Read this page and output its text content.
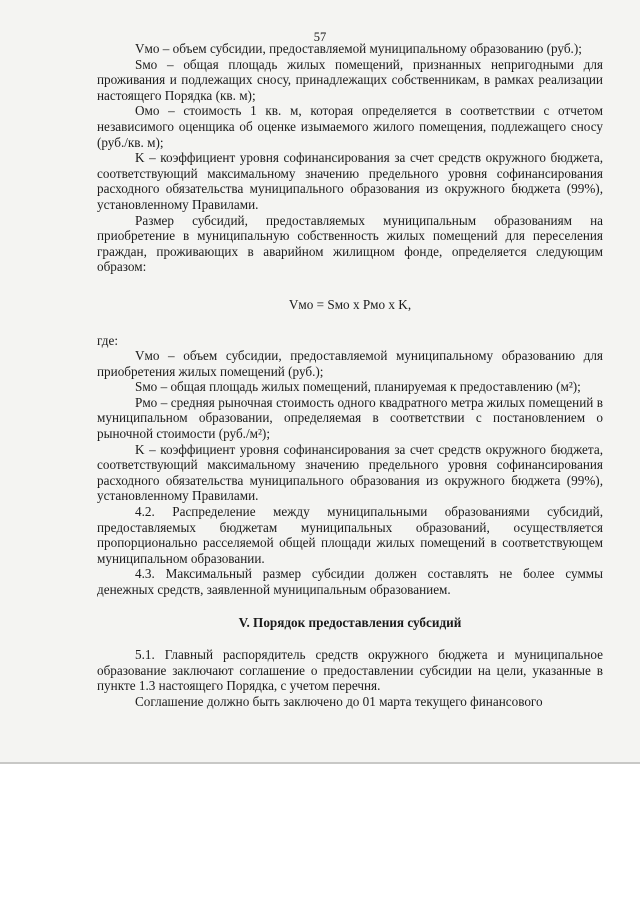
57

Vмо – объем субсидии, предоставляемой муниципальному образованию (руб.);

Sмо – общая площадь жилых помещений, признанных непригодными для проживания и подлежащих сносу, принадлежащих собственникам, в рамках реализации настоящего Порядка (кв. м);

Омо – стоимость 1 кв. м, которая определяется в соответствии с отчетом независимого оценщика об оценке изымаемого жилого помещения, подлежащего сносу (руб./кв. м);

K – коэффициент уровня софинансирования за счет средств окружного бюджета, соответствующий максимальному значению предельного уровня софинансирования расходного обязательства муниципального образования из окружного бюджета (99%), установленному Правилами.

Размер субсидий, предоставляемых муниципальным образованиям на приобретение в муниципальную собственность жилых помещений для переселения граждан, проживающих в аварийном жилищном фонде, определяется следующим образом:

Vмо = Sмо x Рмо x K,

где:

Vмо – объем субсидии, предоставляемой муниципальному образованию для приобретения жилых помещений (руб.);

Sмо – общая площадь жилых помещений, планируемая к предоставлению (м²);

Рмо – средняя рыночная стоимость одного квадратного метра жилых помещений в муниципальном образовании, определяемая в соответствии с постановлением о рыночной стоимости (руб./м²);

K – коэффициент уровня софинансирования за счет средств окружного бюджета, соответствующий максимальному значению предельного уровня софинансирования расходного обязательства муниципального образования из окружного бюджета (99%), установленному Правилами.

4.2. Распределение между муниципальными образованиями субсидий, предоставляемых бюджетам муниципальных образований, осуществляется пропорционально расселяемой общей площади жилых помещений в соответствующем муниципальном образовании.

4.3. Максимальный размер субсидии должен составлять не более суммы денежных средств, заявленной муниципальным образованием.

V. Порядок предоставления субсидий

5.1. Главный распорядитель средств окружного бюджета и муниципальное образование заключают соглашение о предоставлении субсидии на цели, указанные в пункте 1.3 настоящего Порядка, с учетом перечня.

Соглашение должно быть заключено до 01 марта текущего финансового
